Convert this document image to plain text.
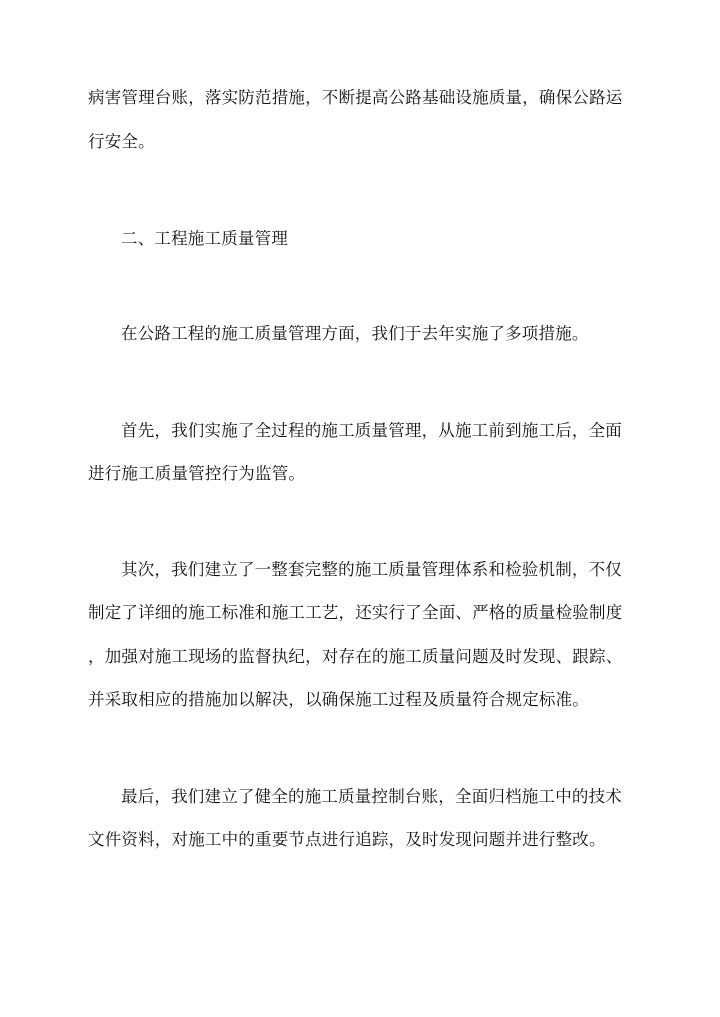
病害管理台账，落实防范措施，不断提高公路基础设施质量，确保公路运
行安全。
二、工程施工质量管理
在公路工程的施工质量管理方面，我们于去年实施了多项措施。
首先，我们实施了全过程的施工质量管理，从施工前到施工后，全面
进行施工质量管控行为监管。
其次，我们建立了一整套完整的施工质量管理体系和检验机制，不仅
制定了详细的施工标准和施工工艺，还实行了全面、严格的质量检验制度
，加强对施工现场的监督执纪，对存在的施工质量问题及时发现、跟踪、
并采取相应的措施加以解决，以确保施工过程及质量符合规定标准。
最后，我们建立了健全的施工质量控制台账，全面归档施工中的技术
文件资料，对施工中的重要节点进行追踪，及时发现问题并进行整改。
